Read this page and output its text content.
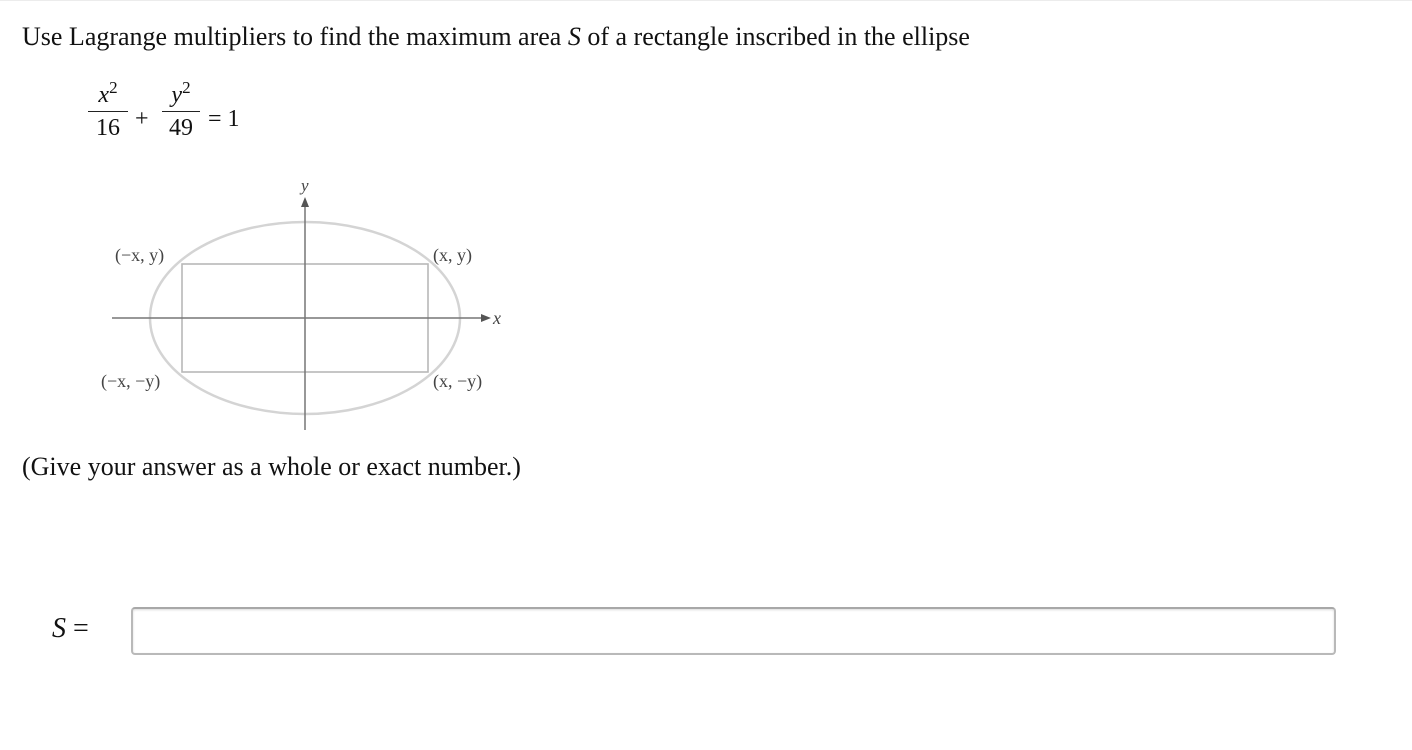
Use Lagrange multipliers to find the maximum area S of a rectangle inscribed in the ellipse
$x^2$
16 +
$y^2$
49 = 1
y
x
(−x, y)	(x, y)
(−x, −y)	(x, −y)
(Give your answer as a whole or exact number.)
S =
